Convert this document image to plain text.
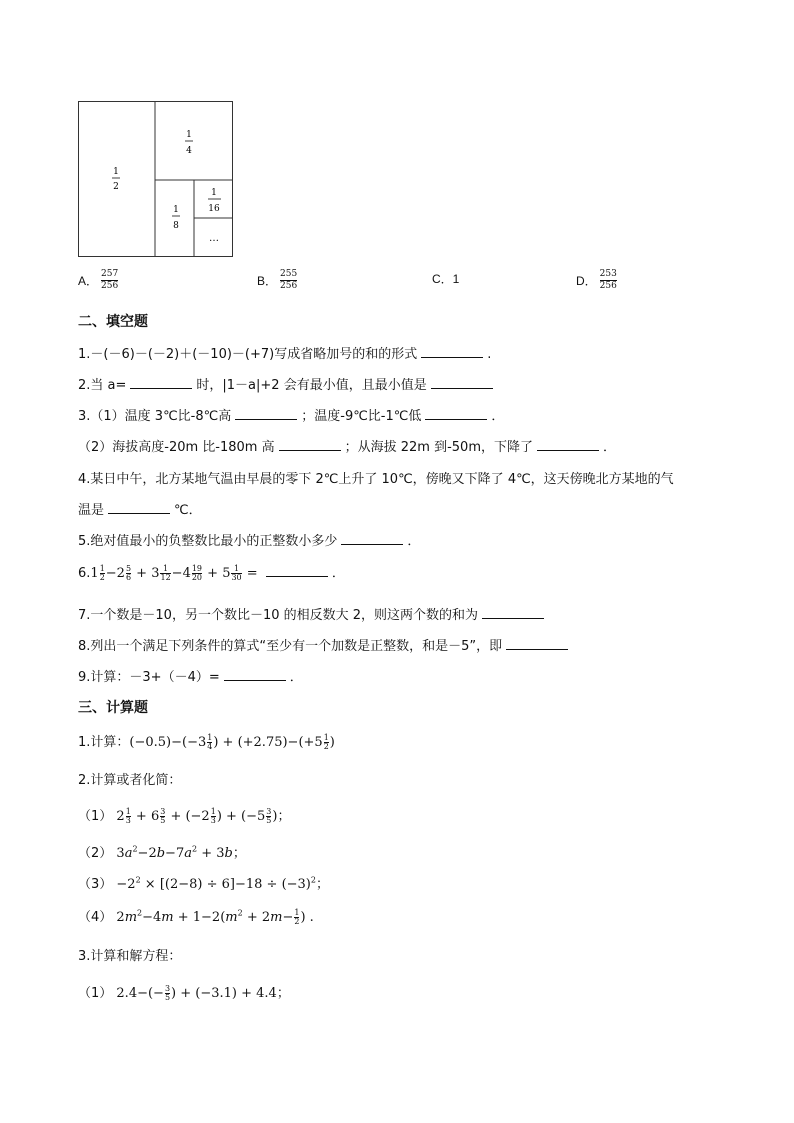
1
2
1
4
1
8
1
16
…
A． 257
256	B． 255
256	C．1	D． 253
256
二、填空题
1.－(－6)－(－2)＋(－10)－(+7)写成省略加号的和的形式	.
2.当 a=	时，|1－a|+2 会有最小值，且最小值是
3.（1）温度 3℃比-8℃高	；温度-9℃比-1℃低	．
（2）海拔高度-20m 比-180m 高	；从海拔 22m 到-50m，下降了	．
4.某日中午，北方某地气温由早晨的零下 2℃上升了 10℃，傍晚又下降了 4℃，这天傍晚北方某地的气
温是	℃．
5.绝对值最小的负整数比最小的正整数小多少	．
$6.1 \frac{1}{2} -2 \frac{5}{6} + 3 \frac{1}{12} -4 \frac{19}{20} + 5 \frac{1}{30}$ =	．
7.一个数是－10，另一个数比－10 的相反数大 2，则这两个数的和为
8.列出一个满足下列条件的算式“至少有一个加数是正整数，和是－5”，即
9.计算：－3+（－4）=	．
三、计算题
1.计算：$(-0.5)-(-3 \frac{1}{4}$ ) + $(+2.75)-(+5 \frac{1}{2}$ )
2.计算或者化简：
（1） $2 \frac{1}{3} + 6 \frac{3}{5} + (-2 \frac{1}{3}$ ) + ($-5 \frac{3}{5}$ )；
（2） $3a^2-2b-7a^2 + 3b$；
$(3) -2^2 \times [(2-8) \div 6]-18 \div (-3)^2$；
（4） $2m^2-4m + 1-2(m^2 + 2m- \frac{1}{2}$ ) .
3.计算和解方程：
（1） $2.4-(- \frac{3}{5}$ ) + (−3.1) + 4.4；
